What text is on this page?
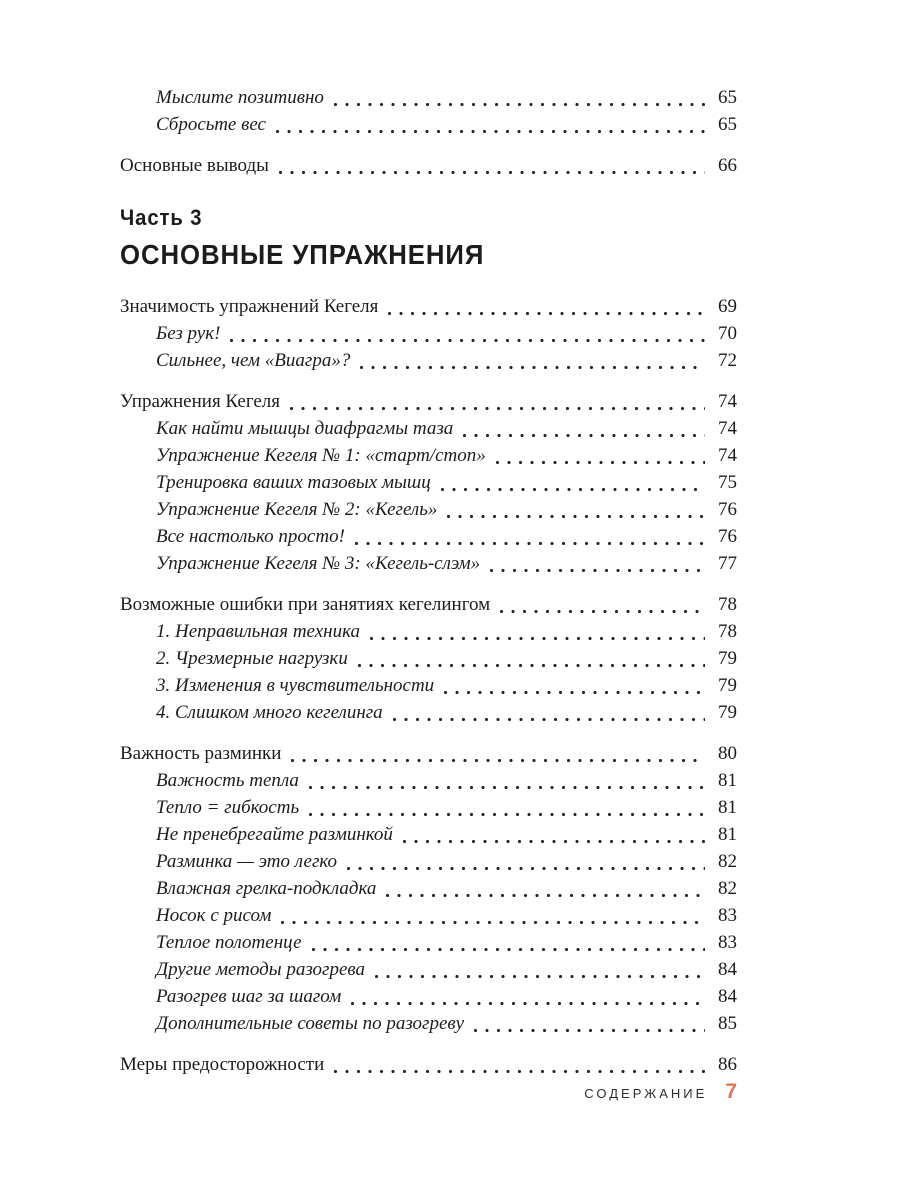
Мыслите позитивно	65
Сбросьте вес	65
Основные выводы	66
Часть 3
ОСНОВНЫЕ УПРАЖНЕНИЯ
Значимость упражнений Кегеля	69
Без рук!	70
Сильнее, чем «Виагра»?	72
Упражнения Кегеля	74
Как найти мышцы диафрагмы таза	74
Упражнение Кегеля № 1: «старт/стоп»	74
Тренировка ваших тазовых мышц	75
Упражнение Кегеля № 2: «Кегель»	76
Все настолько просто!	76
Упражнение Кегеля № 3: «Кегель-слэм»	77
Возможные ошибки при занятиях кегелингом	78
1. Неправильная техника	78
2. Чрезмерные нагрузки	79
3. Изменения в чувствительности	79
4. Слишком много кегелинга	79
Важность разминки	80
Важность тепла	81
Тепло = гибкость	81
Не пренебрегайте разминкой	81
Разминка — это легко	82
Влажная грелка-подкладка	82
Носок с рисом	83
Теплое полотенце	83
Другие методы разогрева	84
Разогрев шаг за шагом	84
Дополнительные советы по разогреву	85
Меры предосторожности	86
СОДЕРЖАНИЕ 7
